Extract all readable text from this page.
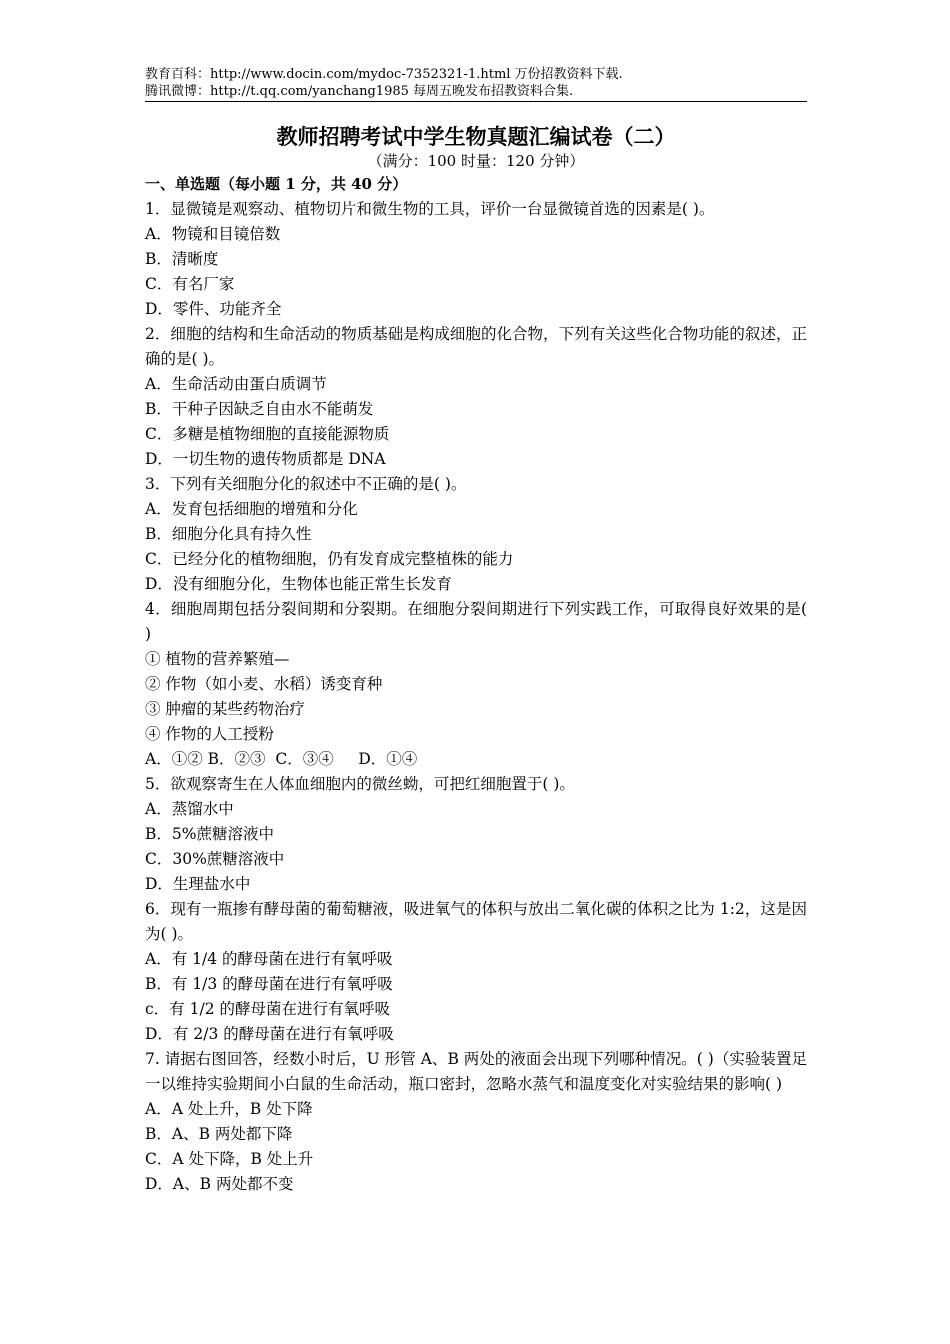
教育百科：http://www.docin.com/mydoc-7352321-1.html 万份招教资料下载.
腾讯微博：http://t.qq.com/yanchang1985 每周五晚发布招教资料合集.
教师招聘考试中学生物真题汇编试卷（二）
（满分：100 时量：120 分钟）
一、单选题（每小题 1 分，共 40 分）
1．显微镜是观察动、植物切片和微生物的工具，评价一台显微镜首选的因素是( )。
A．物镜和目镜倍数
B．清晰度
C．有名厂家
D．零件、功能齐全
2．细胞的结构和生命活动的物质基础是构成细胞的化合物，下列有关这些化合物功能的叙述，正确的是( )。
A．生命活动由蛋白质调节
B．干种子因缺乏自由水不能萌发
C．多糖是植物细胞的直接能源物质
D．一切生物的遗传物质都是 DNA
3．下列有关细胞分化的叙述中不正确的是( )。
A．发育包括细胞的增殖和分化
B．细胞分化具有持久性
C．已经分化的植物细胞，仍有发育成完整植株的能力
D．没有细胞分化，生物体也能正常生长发育
4．细胞周期包括分裂间期和分裂期。在细胞分裂间期进行下列实践工作，可取得良好效果的是( )
① 植物的营养繁殖—
② 作物（如小麦、水稻）诱变育种
③ 肿瘤的某些药物治疗
④ 作物的人工授粉
A．①② B．②③  C．③④     D．①④
5．欲观察寄生在人体血细胞内的微丝蚴，可把红细胞置于( )。
A．蒸馏水中
B．5%蔗糖溶液中
C．30%蔗糖溶液中
D．生理盐水中
6．现有一瓶掺有酵母菌的葡萄糖液，吸进氧气的体积与放出二氧化碳的体积之比为 1:2，这是因为( )。
A．有 1/4 的酵母菌在进行有氧呼吸
B．有 1/3 的酵母菌在进行有氧呼吸
c．有 1/2 的酵母菌在进行有氧呼吸
D．有 2/3 的酵母菌在进行有氧呼吸
7. 请据右图回答，经数小时后，U 形管 A、B 两处的液面会出现下列哪种情况。( )（实验装置足一以维持实验期间小白鼠的生命活动，瓶口密封，忽略水蒸气和温度变化对实验结果的影响( )
A．A 处上升，B 处下降
B．A、B 两处都下降
C．A 处下降，B 处上升
D．A、B 两处都不变
